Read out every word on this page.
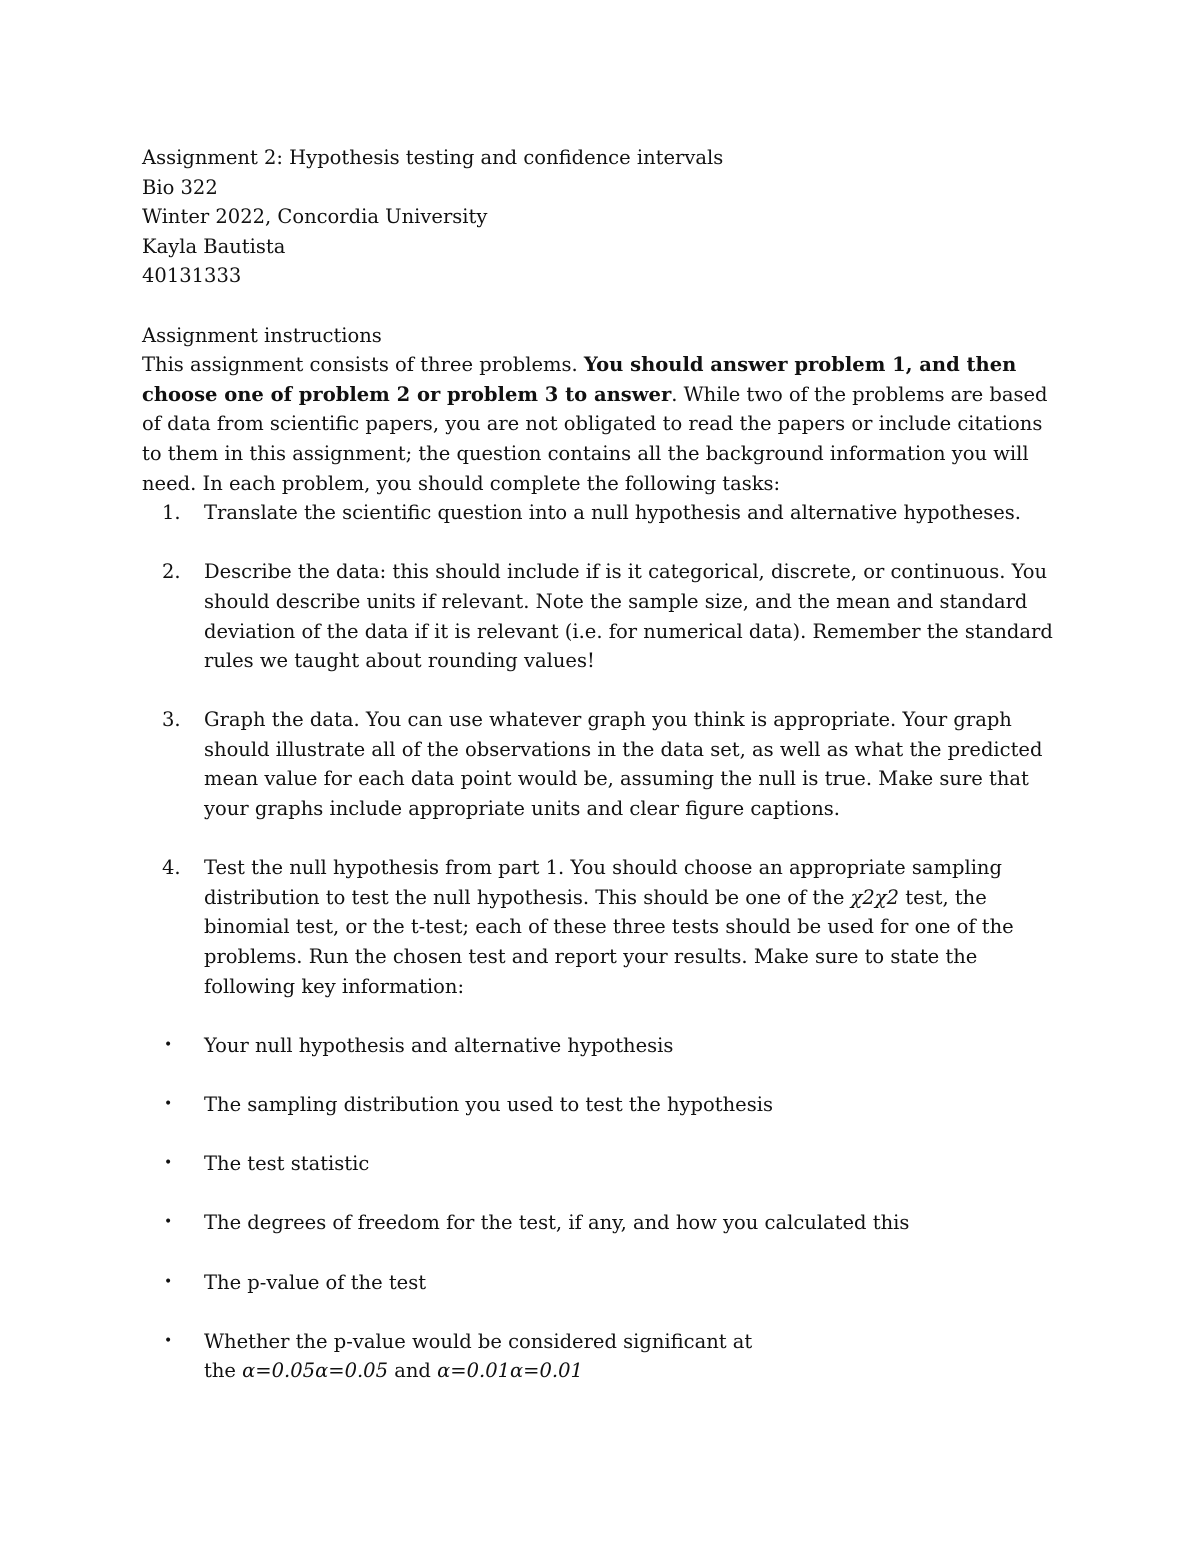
Assignment 2: Hypothesis testing and confidence intervals
Bio 322
Winter 2022, Concordia University
Kayla Bautista
40131333
Assignment instructions

This assignment consists of three problems. You should answer problem 1, and then choose one of problem 2 or problem 3 to answer. While two of the problems are based of data from scientific papers, you are not obligated to read the papers or include citations to them in this assignment; the question contains all the background information you will need. In each problem, you should complete the following tasks:

1. Translate the scientific question into a null hypothesis and alternative hypotheses.
2. Describe the data: this should include if is it categorical, discrete, or continuous. You should describe units if relevant. Note the sample size, and the mean and standard deviation of the data if it is relevant (i.e. for numerical data). Remember the standard rules we taught about rounding values!
3. Graph the data. You can use whatever graph you think is appropriate. Your graph should illustrate all of the observations in the data set, as well as what the predicted mean value for each data point would be, assuming the null is true. Make sure that your graphs include appropriate units and clear figure captions.
4. Test the null hypothesis from part 1. You should choose an appropriate sampling distribution to test the null hypothesis. This should be one of the χ2χ2 test, the binomial test, or the t-test; each of these three tests should be used for one of the problems. Run the chosen test and report your results. Make sure to state the following key information:
• Your null hypothesis and alternative hypothesis
• The sampling distribution you used to test the hypothesis
• The test statistic
• The degrees of freedom for the test, if any, and how you calculated this
• The p-value of the test
• Whether the p-value would be considered significant at
the α=0.05α=0.05 and α=0.01α=0.01
